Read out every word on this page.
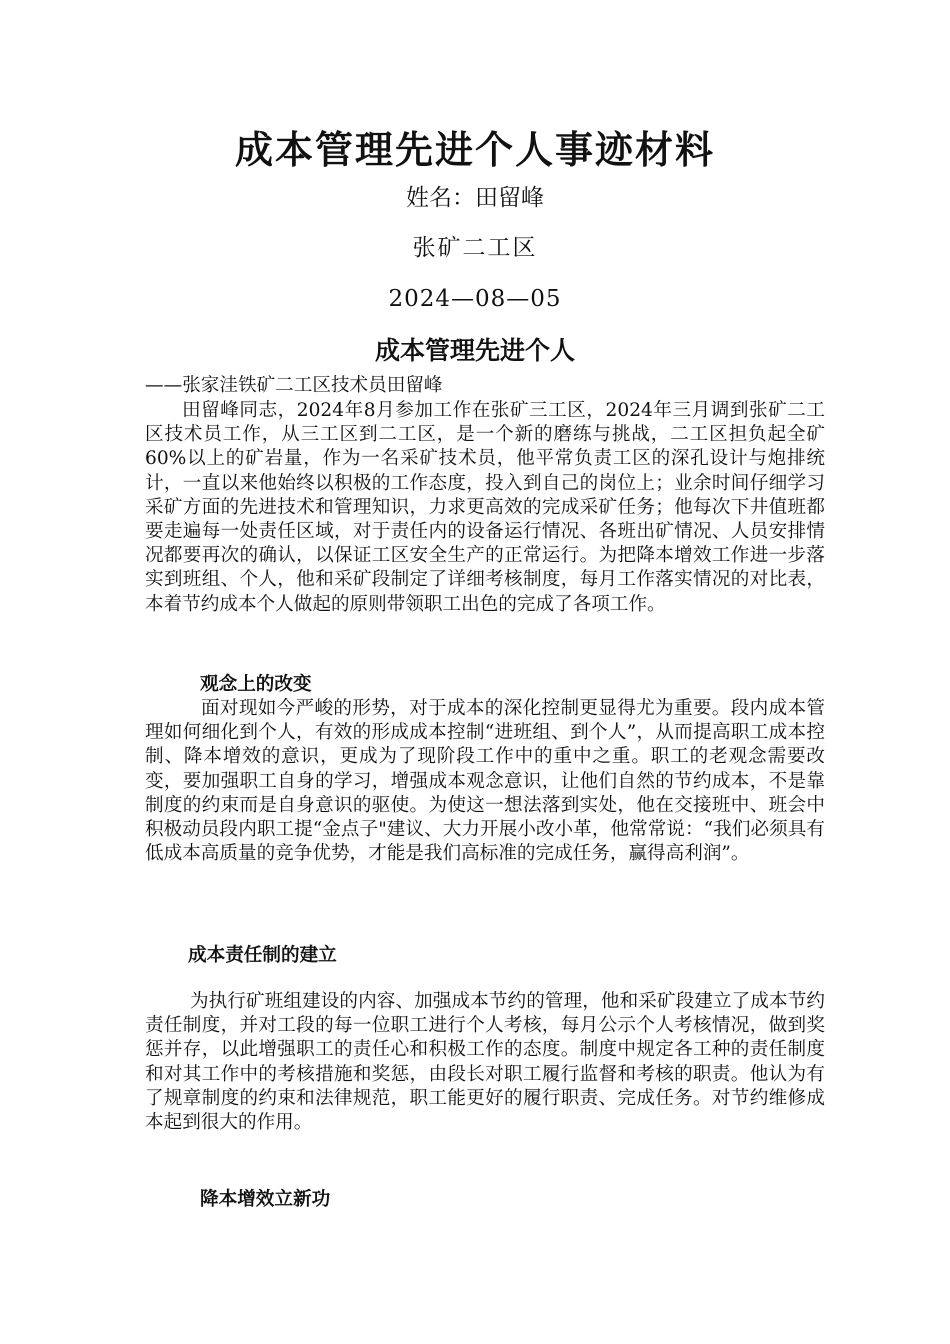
成本管理先进个人事迹材料

姓名：田留峰

张矿二工区

2024—08—05

成本管理先进个人

——张家洼铁矿二工区技术员田留峰

田留峰同志，2024年8月参加工作在张矿三工区，2024年三月调到张矿二工区技术员工作，从三工区到二工区，是一个新的磨练与挑战，二工区担负起全矿60%以上的矿岩量，作为一名采矿技术员，他平常负责工区的深孔设计与炮排统计，一直以来他始终以积极的工作态度，投入到自己的岗位上；业余时间仔细学习采矿方面的先进技术和管理知识，力求更高效的完成采矿任务；他每次下井值班都要走遍每一处责任区域，对于责任内的设备运行情况、各班出矿情况、人员安排情况都要再次的确认，以保证工区安全生产的正常运行。为把降本增效工作进一步落实到班组、个人，他和采矿段制定了详细考核制度，每月工作落实情况的对比表，本着节约成本个人做起的原则带领职工出色的完成了各项工作。

观念上的改变

面对现如今严峻的形势，对于成本的深化控制更显得尤为重要。段内成本管理如何细化到个人，有效的形成成本控制“进班组、到个人”，从而提高职工成本控制、降本增效的意识，更成为了现阶段工作中的重中之重。职工的老观念需要改变，要加强职工自身的学习，增强成本观念意识，让他们自然的节约成本，不是靠制度的约束而是自身意识的驱使。为使这一想法落到实处，他在交接班中、班会中积极动员段内职工提“金点子"建议、大力开展小改小革，他常常说：“我们必须具有低成本高质量的竞争优势，才能是我们高标准的完成任务，赢得高利润”。

成本责任制的建立

为执行矿班组建设的内容、加强成本节约的管理，他和采矿段建立了成本节约责任制度，并对工段的每一位职工进行个人考核，每月公示个人考核情况，做到奖惩并存，以此增强职工的责任心和积极工作的态度。制度中规定各工种的责任制度和对其工作中的考核措施和奖惩，由段长对职工履行监督和考核的职责。他认为有了规章制度的约束和法律规范，职工能更好的履行职责、完成任务。对节约维修成本起到很大的作用。

降本增效立新功
